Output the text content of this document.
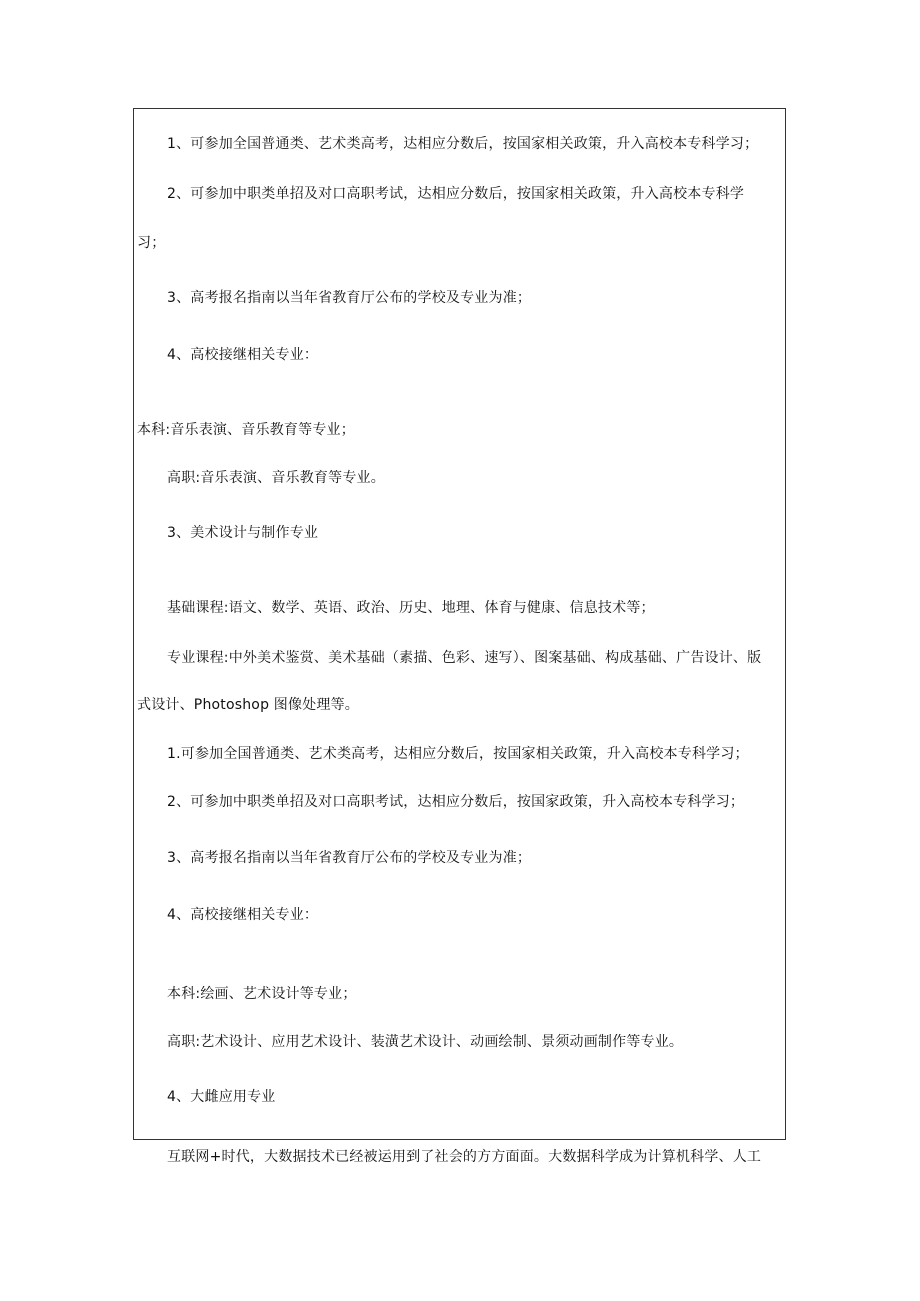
1、可参加全国普通类、艺术类高考，达相应分数后，按国家相关政策，升入高校本专科学习；
2、可参加中职类单招及对口高职考试，达相应分数后，按国家相关政策，升入高校本专科学
习；
3、高考报名指南以当年省教育厅公布的学校及专业为准；
4、高校接继相关专业：
本科:音乐表演、音乐教育等专业；
高职:音乐表演、音乐教育等专业。
3、美术设计与制作专业
基础课程:语文、数学、英语、政治、历史、地理、体育与健康、信息技术等；
专业课程:中外美术鉴赏、美术基础（素描、色彩、速写）、图案基础、构成基础、广告设计、版
式设计、Photoshop 图像处理等。
1.可参加全国普通类、艺术类高考，达相应分数后，按国家相关政策，升入高校本专科学习；
2、可参加中职类单招及对口高职考试，达相应分数后，按国家政策，升入高校本专科学习；
3、高考报名指南以当年省教育厅公布的学校及专业为准；
4、高校接继相关专业：
本科:绘画、艺术设计等专业；
高职:艺术设计、应用艺术设计、装潢艺术设计、动画绘制、景须动画制作等专业。
4、大雌应用专业
互联网+时代，大数据技术已经被运用到了社会的方方面面。大数据科学成为计算机科学、人工
